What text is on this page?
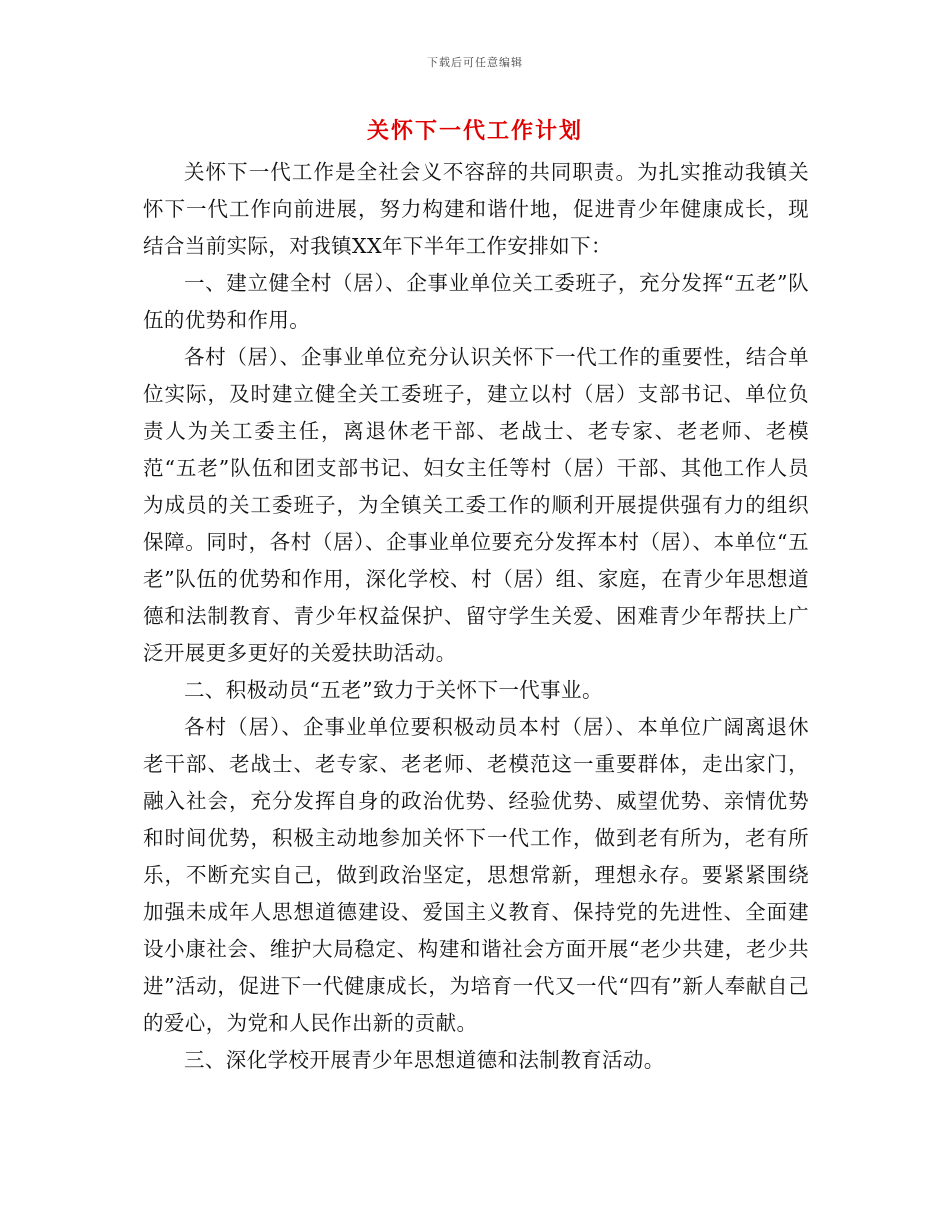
下载后可任意编辑
关怀下一代工作计划

关怀下一代工作是全社会义不容辞的共同职责。为扎实推动我镇关怀下一代工作向前进展，努力构建和谐什地，促进青少年健康成长，现结合当前实际，对我镇XX年下半年工作安排如下：

一、建立健全村（居）、企事业单位关工委班子，充分发挥“五老”队伍的优势和作用。

各村（居）、企事业单位充分认识关怀下一代工作的重要性，结合单位实际，及时建立健全关工委班子，建立以村（居）支部书记、单位负责人为关工委主任，离退休老干部、老战士、老专家、老老师、老模范“五老”队伍和团支部书记、妇女主任等村（居）干部、其他工作人员为成员的关工委班子，为全镇关工委工作的顺利开展提供强有力的组织保障。同时，各村（居）、企事业单位要充分发挥本村（居）、本单位“五老”队伍的优势和作用，深化学校、村（居）组、家庭，在青少年思想道德和法制教育、青少年权益保护、留守学生关爱、困难青少年帮扶上广泛开展更多更好的关爱扶助活动。

二、积极动员“五老”致力于关怀下一代事业。

各村（居）、企事业单位要积极动员本村（居）、本单位广阔离退休老干部、老战士、老专家、老老师、老模范这一重要群体，走出家门，融入社会，充分发挥自身的政治优势、经验优势、威望优势、亲情优势和时间优势，积极主动地参加关怀下一代工作，做到老有所为，老有所乐，不断充实自己，做到政治坚定，思想常新，理想永存。要紧紧围绕加强未成年人思想道德建设、爱国主义教育、保持党的先进性、全面建设小康社会、维护大局稳定、构建和谐社会方面开展“老少共建，老少共进”活动，促进下一代健康成长，为培育一代又一代“四有”新人奉献自己的爱心，为党和人民作出新的贡献。

三、深化学校开展青少年思想道德和法制教育活动。
